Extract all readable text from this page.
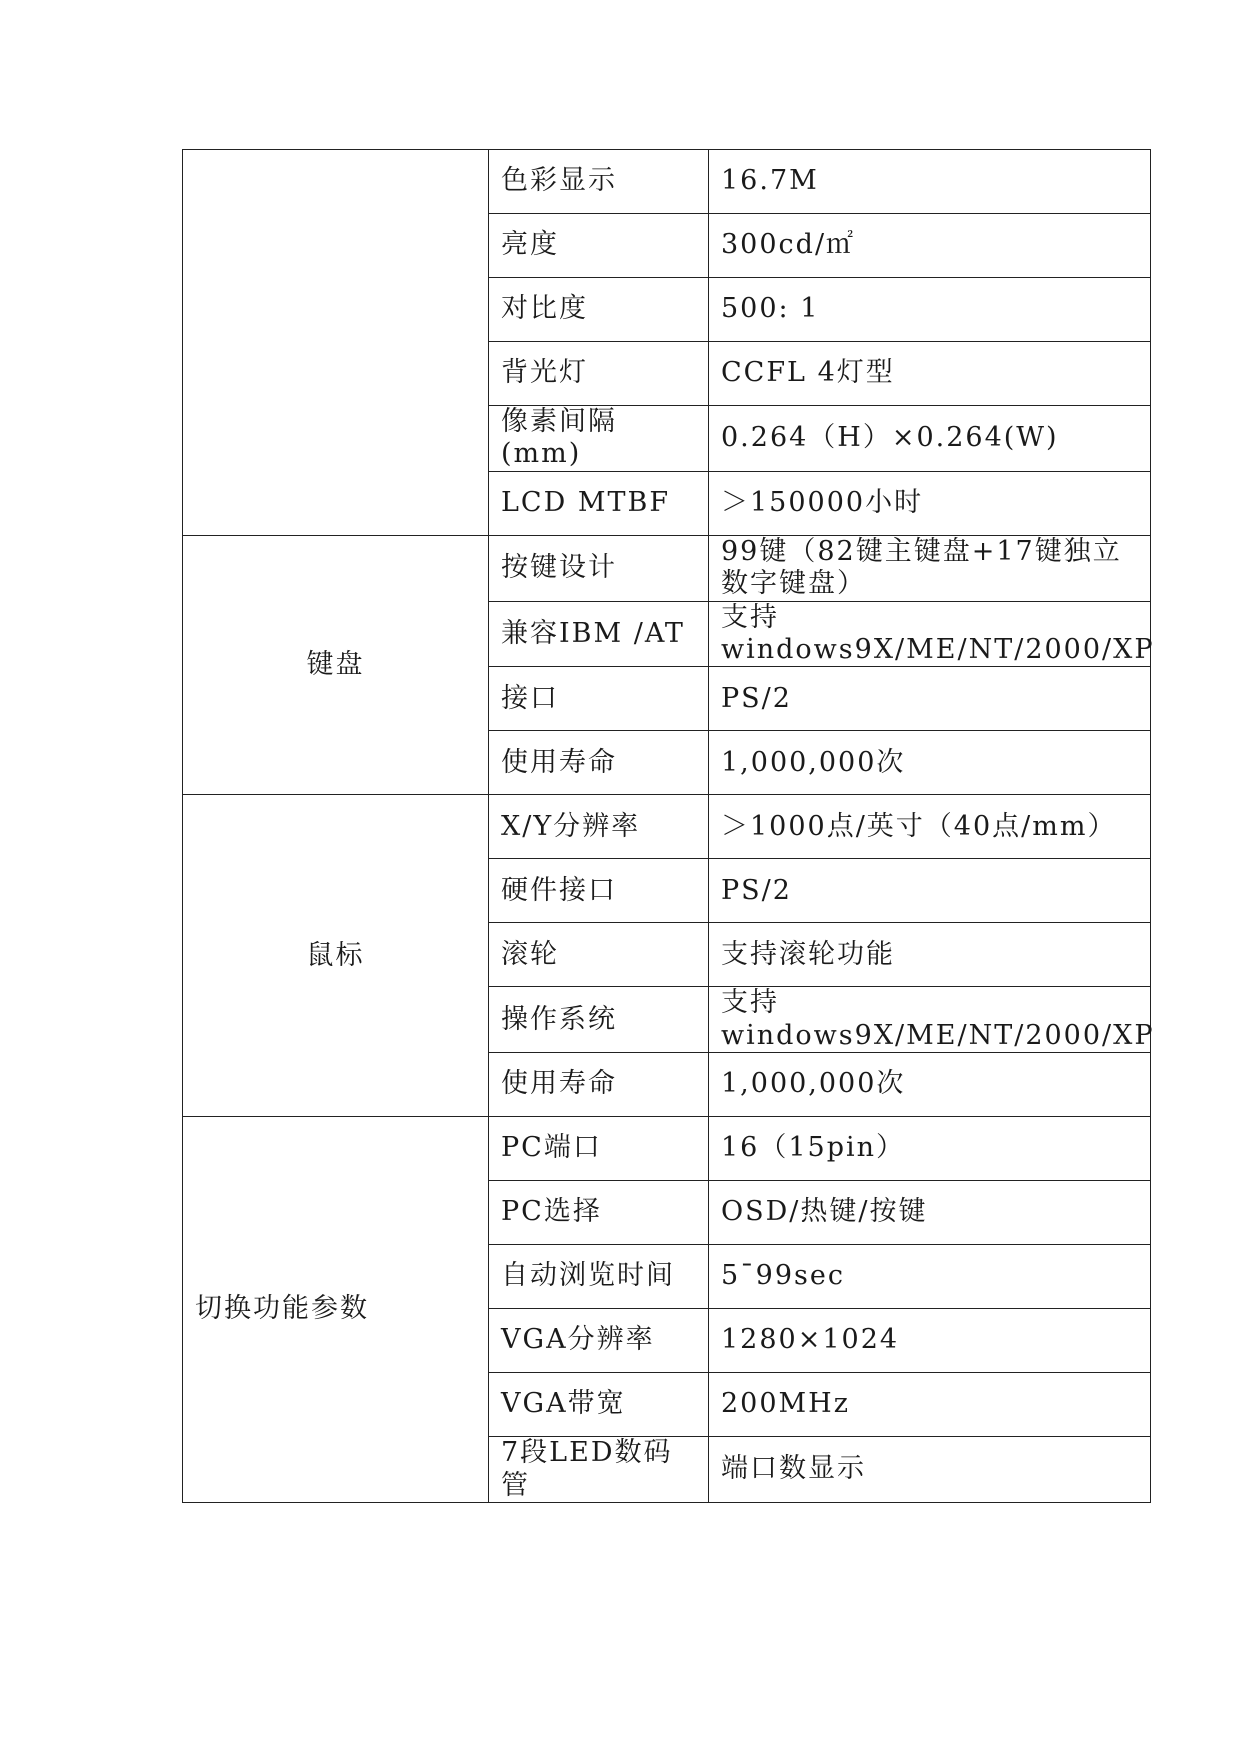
	色彩显示	16.7M
	亮度	300cd/㎡
	对比度	500: 1
	背光灯	CCFL 4灯型
	像素间隔(mm)	0.264（H）×0.264(W)
	LCD MTBF	＞150000小时
键盘	按键设计	99键（82键主键盘+17键独立数字键盘）
	兼容IBM /AT	支持windows9X/ME/NT/2000/XP
	接口	PS/2
	使用寿命	1,000,000次
鼠标	X/Y分辨率	＞1000点/英寸（40点/mm）
	硬件接口	PS/2
	滚轮	支持滚轮功能
	操作系统	支持windows9X/ME/NT/2000/XP
	使用寿命	1,000,000次
切换功能参数	PC端口	16（15pin）
	PC选择	OSD/热键/按键
	自动浏览时间	5¯99sec
	VGA分辨率	1280×1024
	VGA带宽	200MHz
	7段LED数码管	端口数显示
